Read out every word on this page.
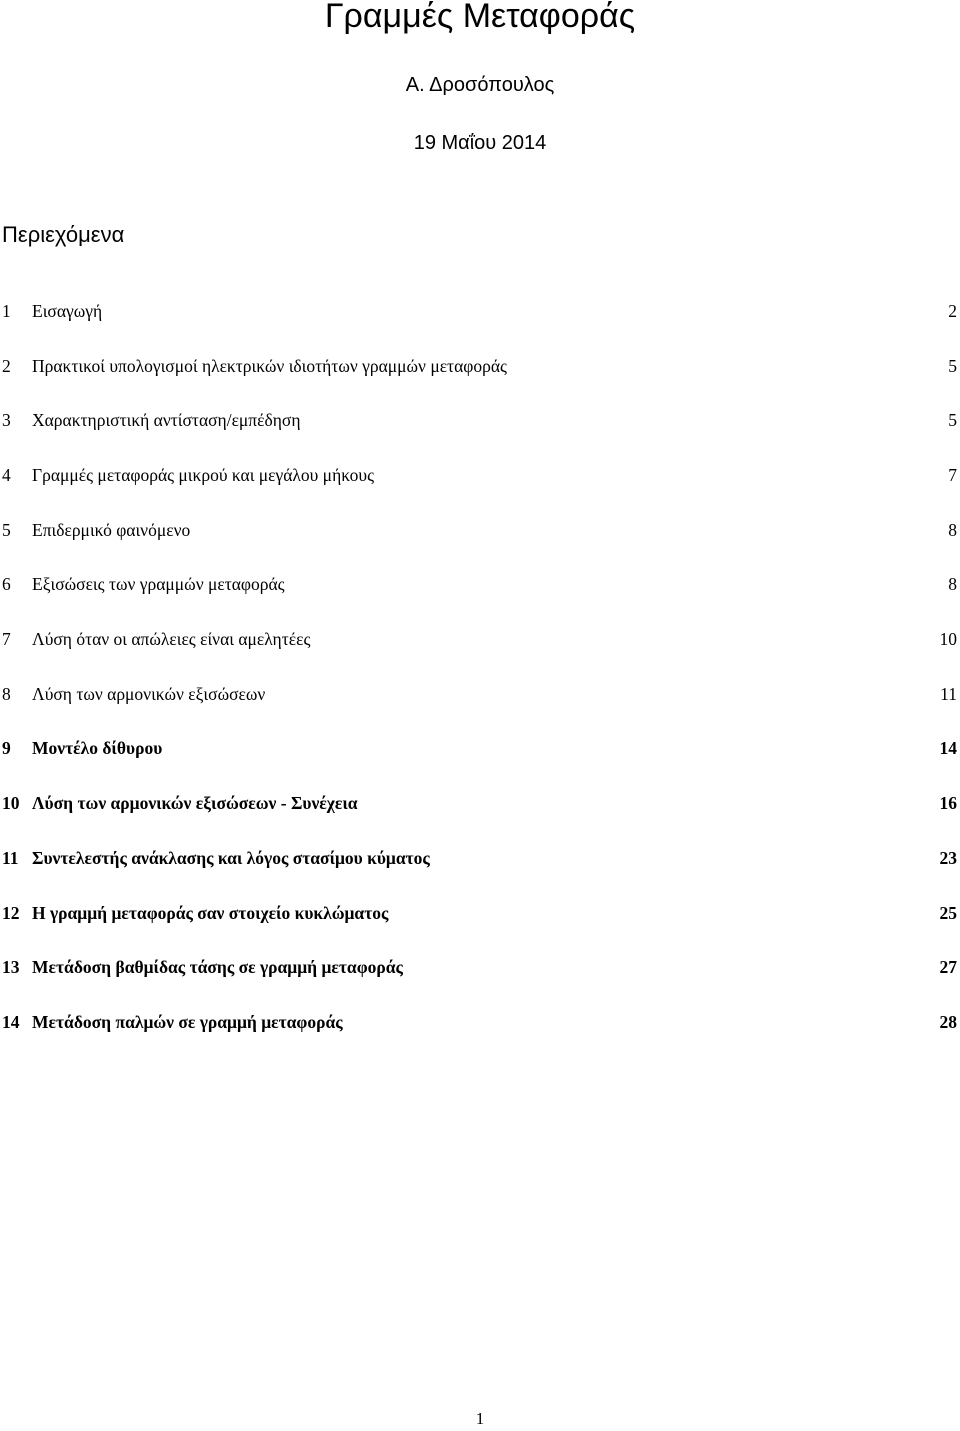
Γραμμές Μεταφοράς
Α. Δροσόπουλος
19 Μαΐου 2014
Περιεχόμενα
1 Εισαγωγή	2
2 Πρακτικοί υπολογισμοί ηλεκτρικών ιδιοτήτων γραμμών μεταφοράς	5
3 Χαρακτηριστική αντίσταση/εμπέδηση	5
4 Γραμμές μεταφοράς μικρού και μεγάλου μήκους	7
5 Επιδερμικό φαινόμενο	8
6 Εξισώσεις των γραμμών μεταφοράς	8
7 Λύση όταν οι απώλειες είναι αμελητέες	10
8 Λύση των αρμονικών εξισώσεων	11
9 Μοντέλο δίθυρου	14
10 Λύση των αρμονικών εξισώσεων - Συνέχεια	16
11 Συντελεστής ανάκλασης και λόγος στασίμου κύματος	23
12 Η γραμμή μεταφοράς σαν στοιχείο κυκλώματος	25
13 Μετάδοση βαθμίδας τάσης σε γραμμή μεταφοράς	27
14 Μετάδοση παλμών σε γραμμή μεταφοράς	28
1
